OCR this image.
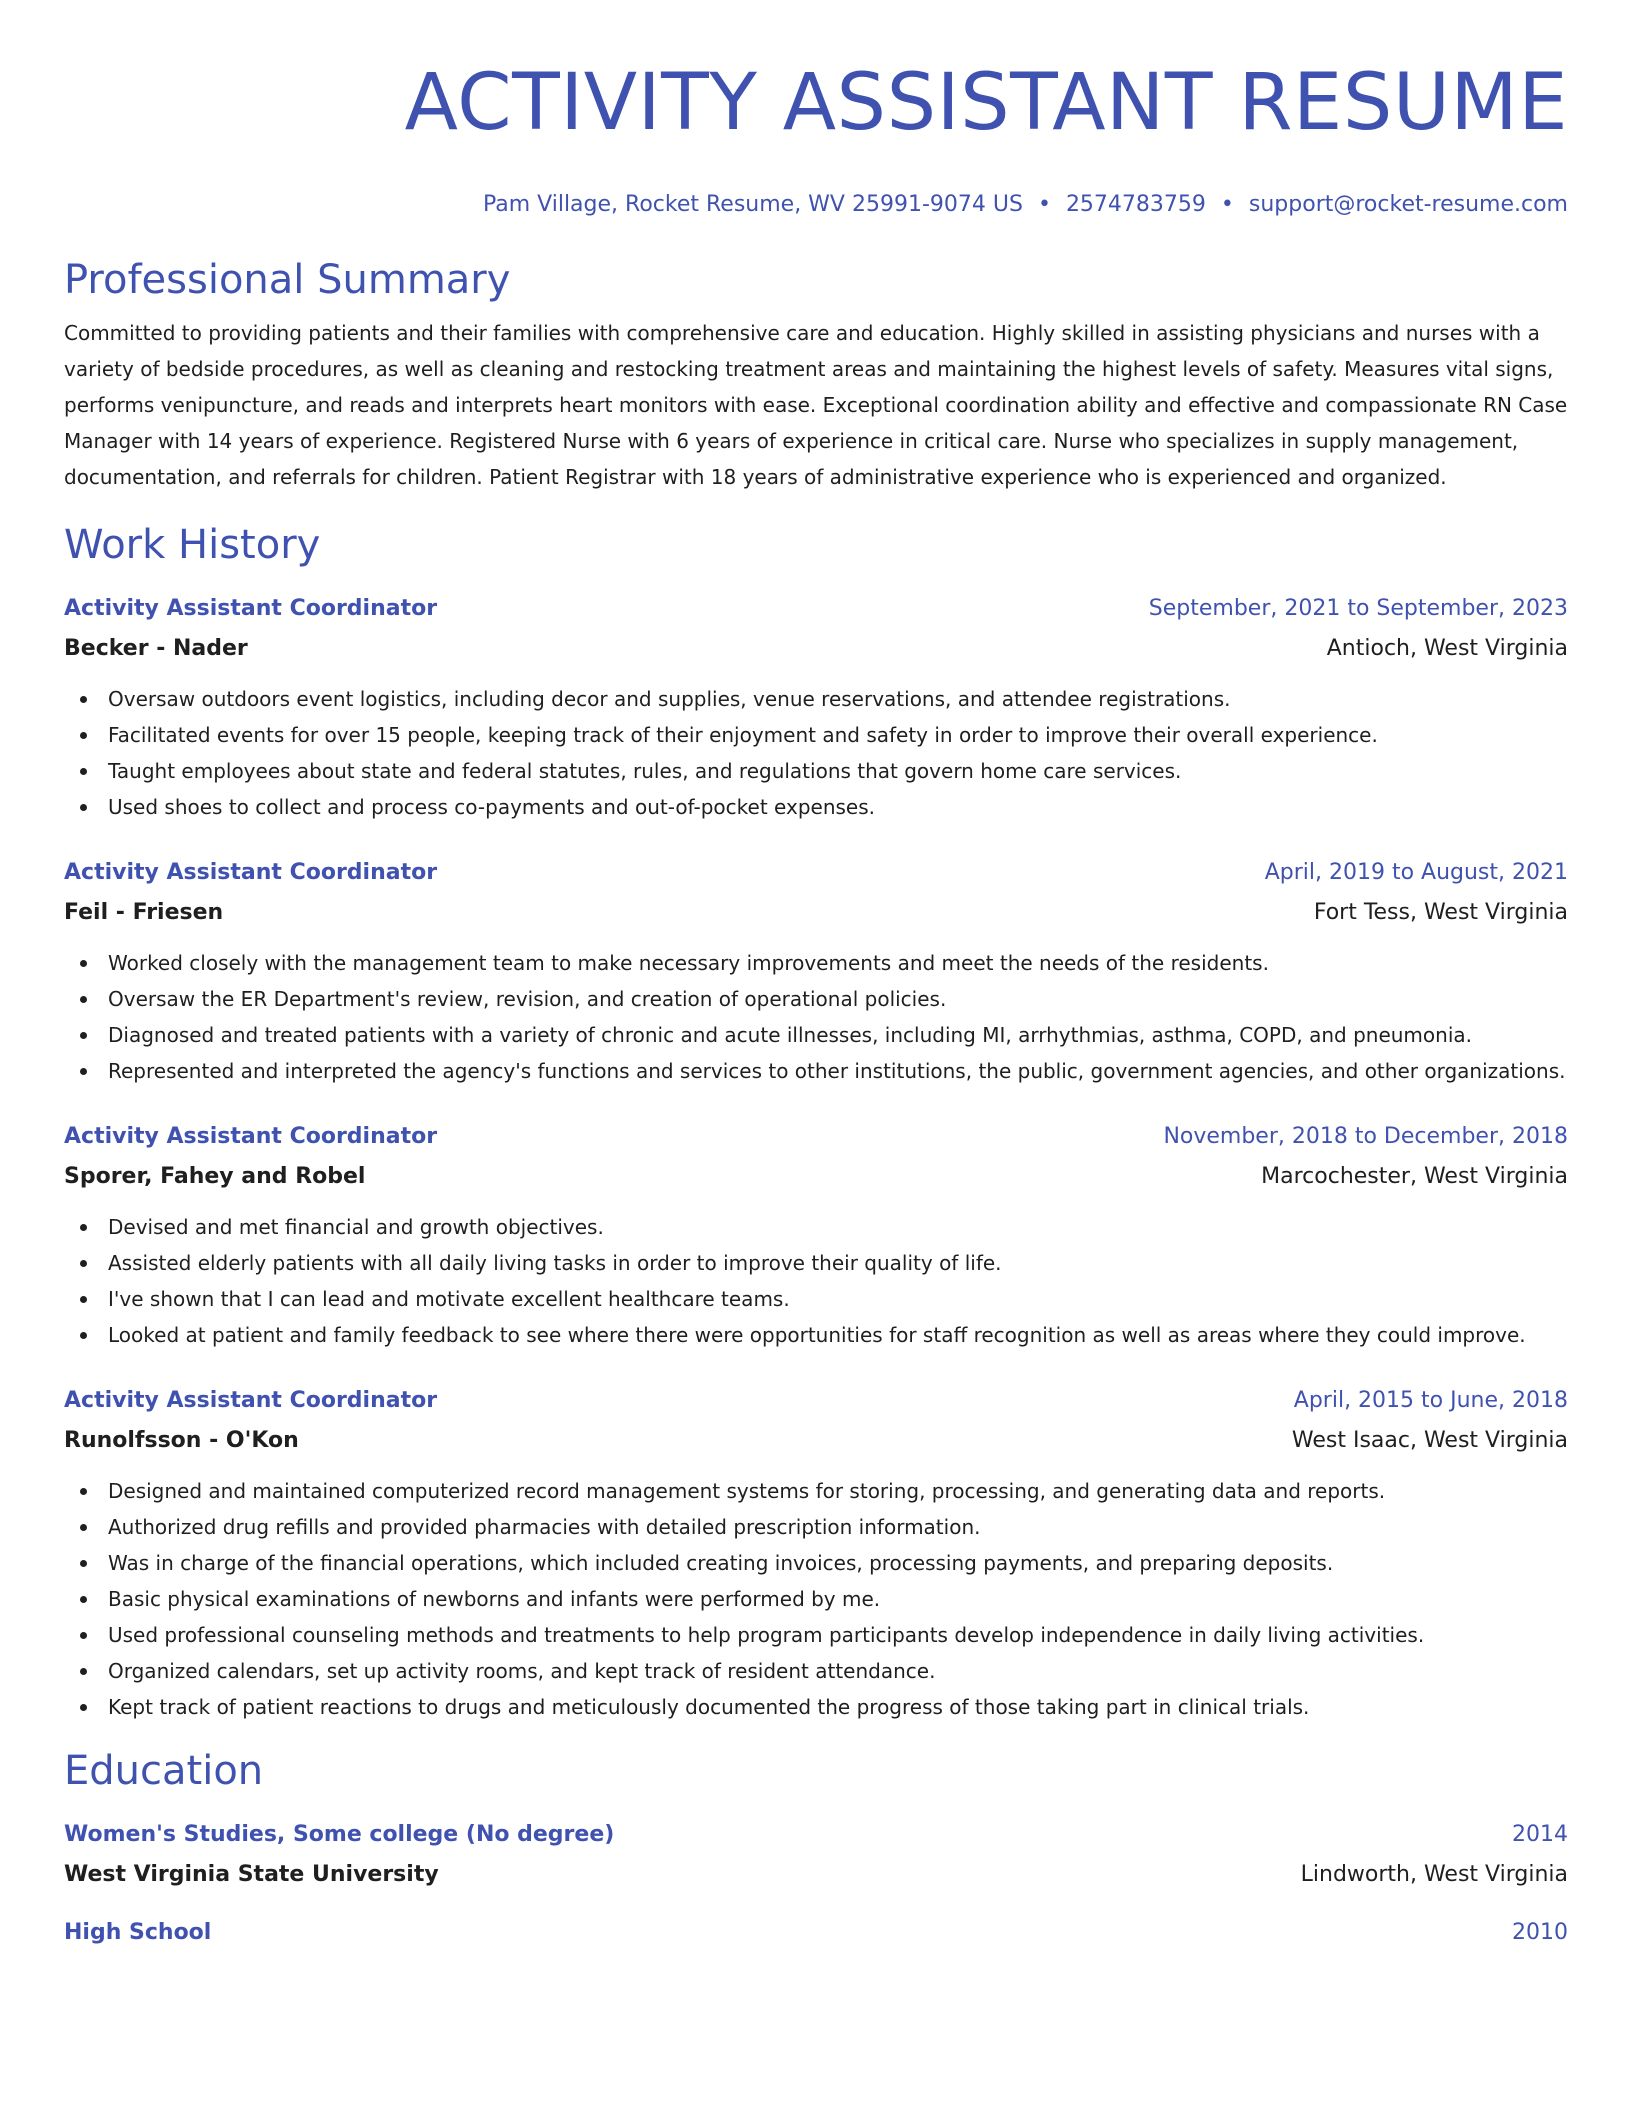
ACTIVITY ASSISTANT RESUME
Pam Village, Rocket Resume, WV 25991-9074 US • 2574783759 • support@rocket-resume.com
Professional Summary

Committed to providing patients and their families with comprehensive care and education. Highly skilled in assisting physicians and nurses with a variety of bedside procedures, as well as cleaning and restocking treatment areas and maintaining the highest levels of safety. Measures vital signs, performs venipuncture, and reads and interprets heart monitors with ease. Exceptional coordination ability and effective and compassionate RN Case Manager with 14 years of experience. Registered Nurse with 6 years of experience in critical care. Nurse who specializes in supply management, documentation, and referrals for children. Patient Registrar with 18 years of administrative experience who is experienced and organized.

Work History
Activity Assistant Coordinator	September, 2021 to September, 2023
Becker - Nader	Antioch, West Virginia
Oversaw outdoors event logistics, including decor and supplies, venue reservations, and attendee registrations.
Facilitated events for over 15 people, keeping track of their enjoyment and safety in order to improve their overall experience.
Taught employees about state and federal statutes, rules, and regulations that govern home care services.
Used shoes to collect and process co-payments and out-of-pocket expenses.
Activity Assistant Coordinator	April, 2019 to August, 2021
Feil - Friesen	Fort Tess, West Virginia
Worked closely with the management team to make necessary improvements and meet the needs of the residents.
Oversaw the ER Department's review, revision, and creation of operational policies.
Diagnosed and treated patients with a variety of chronic and acute illnesses, including MI, arrhythmias, asthma, COPD, and pneumonia.
Represented and interpreted the agency's functions and services to other institutions, the public, government agencies, and other organizations.
Activity Assistant Coordinator	November, 2018 to December, 2018
Sporer, Fahey and Robel	Marcochester, West Virginia
Devised and met financial and growth objectives.
Assisted elderly patients with all daily living tasks in order to improve their quality of life.
I've shown that I can lead and motivate excellent healthcare teams.
Looked at patient and family feedback to see where there were opportunities for staff recognition as well as areas where they could improve.
Activity Assistant Coordinator	April, 2015 to June, 2018
Runolfsson - O'Kon	West Isaac, West Virginia
Designed and maintained computerized record management systems for storing, processing, and generating data and reports.
Authorized drug refills and provided pharmacies with detailed prescription information.
Was in charge of the financial operations, which included creating invoices, processing payments, and preparing deposits.
Basic physical examinations of newborns and infants were performed by me.
Used professional counseling methods and treatments to help program participants develop independence in daily living activities.
Organized calendars, set up activity rooms, and kept track of resident attendance.
Kept track of patient reactions to drugs and meticulously documented the progress of those taking part in clinical trials.
Education
Women's Studies, Some college (No degree)	2014
West Virginia State University	Lindworth, West Virginia
High School	2010
